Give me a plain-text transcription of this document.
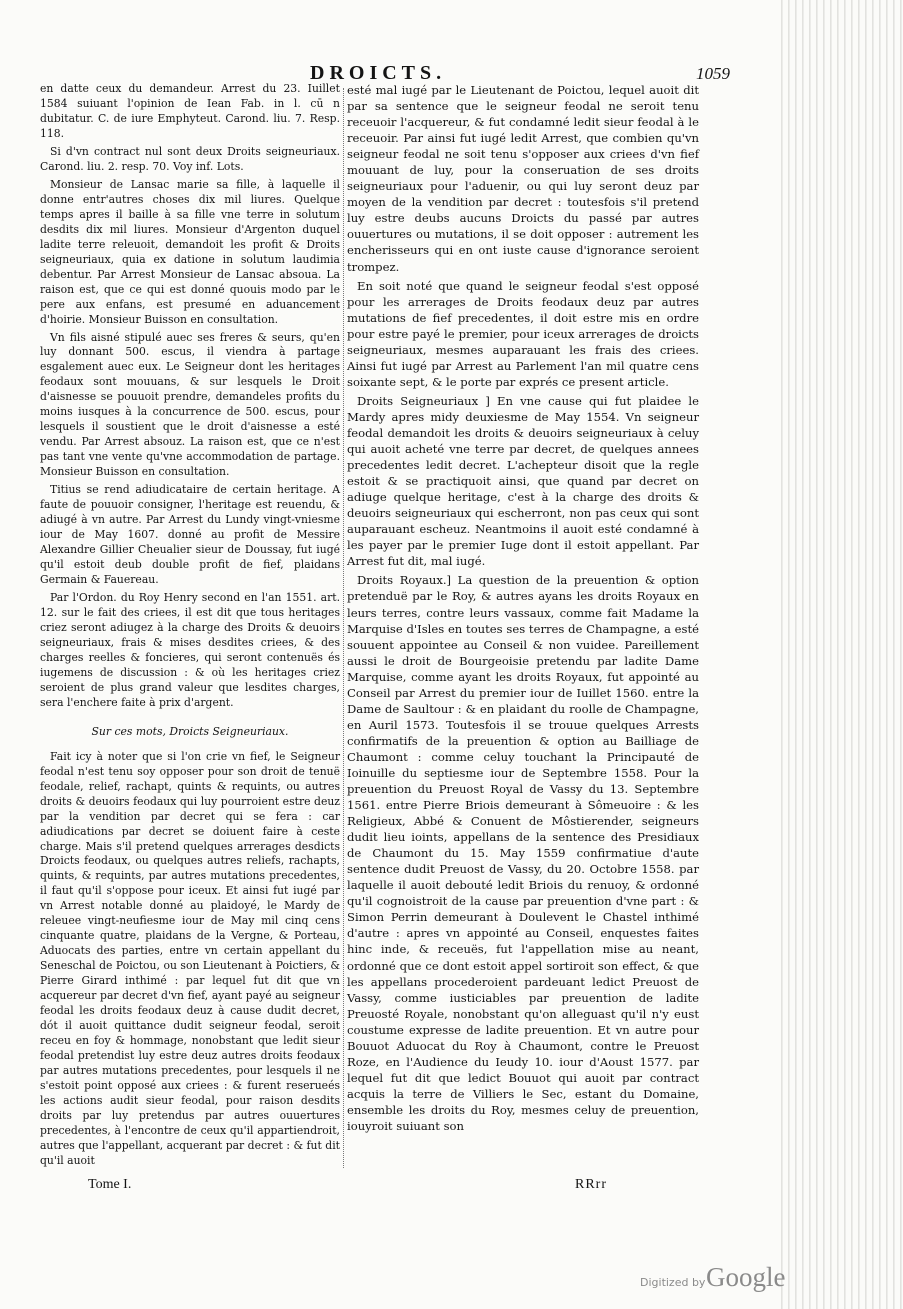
DROICTS.	1059

en datte ceux du demandeur. Arrest du 23. Iuillet 1584 suiuant l'opinion de Iean Fab. in l. cū n dubitatur. C. de iure Emphyteut. Carond. liu. 7. Resp. 118.

Si d'vn contract nul sont deux Droits seigneuriaux. Carond. liu. 2. resp. 70. Voy inf. Lots.

Monsieur de Lansac marie sa fille, à laquelle il donne entr'autres choses dix mil liures. Quelque temps apres il baille à sa fille vne terre in solutum desdits dix mil liures. Monsieur d'Argenton duquel ladite terre releuoit, demandoit les profit & Droits seigneuriaux, quia ex datione in solutum laudimia debentur. Par Arrest Monsieur de Lansac absoua. La raison est, que ce qui est donné quouis modo par le pere aux enfans, est presumé en aduancement d'hoirie. Monsieur Buisson en consultation.

Vn fils aisné stipulé auec ses freres & seurs, qu'en luy donnant 500. escus, il viendra à partage esgalement auec eux. Le Seigneur dont les heritages feodaux sont mouuans, & sur lesquels le Droit d'aisnesse se pouuoit prendre, demandeles profits du moins iusques à la concurrence de 500. escus, pour lesquels il soustient que le droit d'aisnesse a esté vendu. Par Arrest absouz. La raison est, que ce n'est pas tant vne vente qu'vne accommodation de partage. Monsieur Buisson en consultation.

Titius se rend adiudicataire de certain heritage. A faute de pouuoir consigner, l'heritage est reuendu, & adiugé à vn autre. Par Arrest du Lundy vingt-vniesme iour de May 1607. donné au profit de Messire Alexandre Gillier Cheualier sieur de Doussay, fut iugé qu'il estoit deub double profit de fief, plaidans Germain & Fauereau.

Par l'Ordon. du Roy Henry second en l'an 1551. art. 12. sur le fait des criees, il est dit que tous heritages criez seront adiugez à la charge des Droits & deuoirs seigneuriaux, frais & mises desdites criees, & des charges reelles & foncieres, qui seront contenuës és iugemens de discussion : & où les heritages criez seroient de plus grand valeur que lesdites charges, sera l'enchere faite à prix d'argent.

Sur ces mots, Droicts Seigneuriaux.

Fait icy à noter que si l'on crie vn fief, le Seigneur feodal n'est tenu soy opposer pour son droit de tenuë feodale, relief, rachapt, quints & requints, ou autres droits & deuoirs feodaux qui luy pourroient estre deuz par la vendition par decret qui se fera : car adiudications par decret se doiuent faire à ceste charge. Mais s'il pretend quelques arrerages desdicts Droicts feodaux, ou quelques autres reliefs, rachapts, quints, & requints, par autres mutations precedentes, il faut qu'il s'oppose pour iceux. Et ainsi fut iugé par vn Arrest notable donné au plaidoyé, le Mardy de releuee vingt-neufiesme iour de May mil cinq cens cinquante quatre, plaidans de la Vergne, & Porteau, Aduocats des parties, entre vn certain appellant du Seneschal de Poictou, ou son Lieutenant à Poictiers, & Pierre Girard inthimé : par lequel fut dit que vn acquereur par decret d'vn fief, ayant payé au seigneur feodal les droits feodaux deuz à cause dudit decret, dót il auoit quittance dudit seigneur feodal, seroit receu en foy & hommage, nonobstant que ledit sieur feodal pretendist luy estre deuz autres droits feodaux par autres mutations precedentes, pour lesquels il ne s'estoit point opposé aux criees : & furent reserueés les actions audit sieur feodal, pour raison desdits droits par luy pretendus par autres ouuertures precedentes, à l'encontre de ceux qu'il appartiendroit, autres que l'appellant, acquerant par decret : & fut dit qu'il auoit

esté mal iugé par le Lieutenant de Poictou, lequel auoit dit par sa sentence que le seigneur feodal ne seroit tenu receuoir l'acquereur, & fut condamné ledit sieur feodal à le receuoir. Par ainsi fut iugé ledit Arrest, que combien qu'vn seigneur feodal ne soit tenu s'opposer aux criees d'vn fief mouuant de luy, pour la conseruation de ses droits seigneuriaux pour l'aduenir, ou qui luy seront deuz par moyen de la vendition par decret : toutesfois s'il pretend luy estre deubs aucuns Droicts du passé par autres ouuertures ou mutations, il se doit opposer : autrement les encherisseurs qui en ont iuste cause d'ignorance seroient trompez.

En soit noté que quand le seigneur feodal s'est opposé pour les arrerages de Droits feodaux deuz par autres mutations de fief precedentes, il doit estre mis en ordre pour estre payé le premier, pour iceux arrerages de droicts seigneuriaux, mesmes auparauant les frais des criees. Ainsi fut iugé par Arrest au Parlement l'an mil quatre cens soixante sept, & le porte par exprés ce present article.

Droits Seigneuriaux ] En vne cause qui fut plaidee le Mardy apres midy deuxiesme de May 1554. Vn seigneur feodal demandoit les droits & deuoirs seigneuriaux à celuy qui auoit acheté vne terre par decret, de quelques annees precedentes ledit decret. L'achepteur disoit que la regle estoit & se practiquoit ainsi, que quand par decret on adiuge quelque heritage, c'est à la charge des droits & deuoirs seigneuriaux qui escherront, non pas ceux qui sont auparauant escheuz. Neantmoins il auoit esté condamné à les payer par le premier Iuge dont il estoit appellant. Par Arrest fut dit, mal iugé.

Droits Royaux.] La question de la preuention & option pretenduë par le Roy, & autres ayans les droits Royaux en leurs terres, contre leurs vassaux, comme fait Madame la Marquise d'Isles en toutes ses terres de Champagne, a esté souuent appointee au Conseil & non vuidee. Pareillement aussi le droit de Bourgeoisie pretendu par ladite Dame Marquise, comme ayant les droits Royaux, fut appointé au Conseil par Arrest du premier iour de Iuillet 1560. entre la Dame de Saultour : & en plaidant du roolle de Champagne, en Auril 1573. Toutesfois il se trouue quelques Arrests confirmatifs de la preuention & option au Bailliage de Chaumont : comme celuy touchant la Principauté de Ioinuille du septiesme iour de Septembre 1558. Pour la preuention du Preuost Royal de Vassy du 13. Septembre 1561. entre Pierre Briois demeurant à Sômeuoire : & les Religieux, Abbé & Conuent de Môstierender, seigneurs dudit lieu ioints, appellans de la sentence des Presidiaux de Chaumont du 15. May 1559 confirmatiue d'aute sentence dudit Preuost de Vassy, du 20. Octobre 1558. par laquelle il auoit debouté ledit Briois du renuoy, & ordonné qu'il cognoistroit de la cause par preuention d'vne part : & Simon Perrin demeurant à Doulevent le Chastel inthimé d'autre : apres vn appointé au Conseil, enquestes faites hinc inde, & receuës, fut l'appellation mise au neant, ordonné que ce dont estoit appel sortiroit son effect, & que les appellans procederoient pardeuant ledict Preuost de Vassy, comme iusticiables par preuention de ladite Preuosté Royale, nonobstant qu'on alleguast qu'il n'y eust coustume expresse de ladite preuention. Et vn autre pour Bouuot Aduocat du Roy à Chaumont, contre le Preuost Roze, en l'Audience du Ieudy 10. iour d'Aoust 1577. par lequel fut dit que ledict Bouuot qui auoit par contract acquis la terre de Villiers le Sec, estant du Domaine, ensemble les droits du Roy, mesmes celuy de preuention, iouyroit suiuant son

Tome I.	RRrr
Digitized by Google
